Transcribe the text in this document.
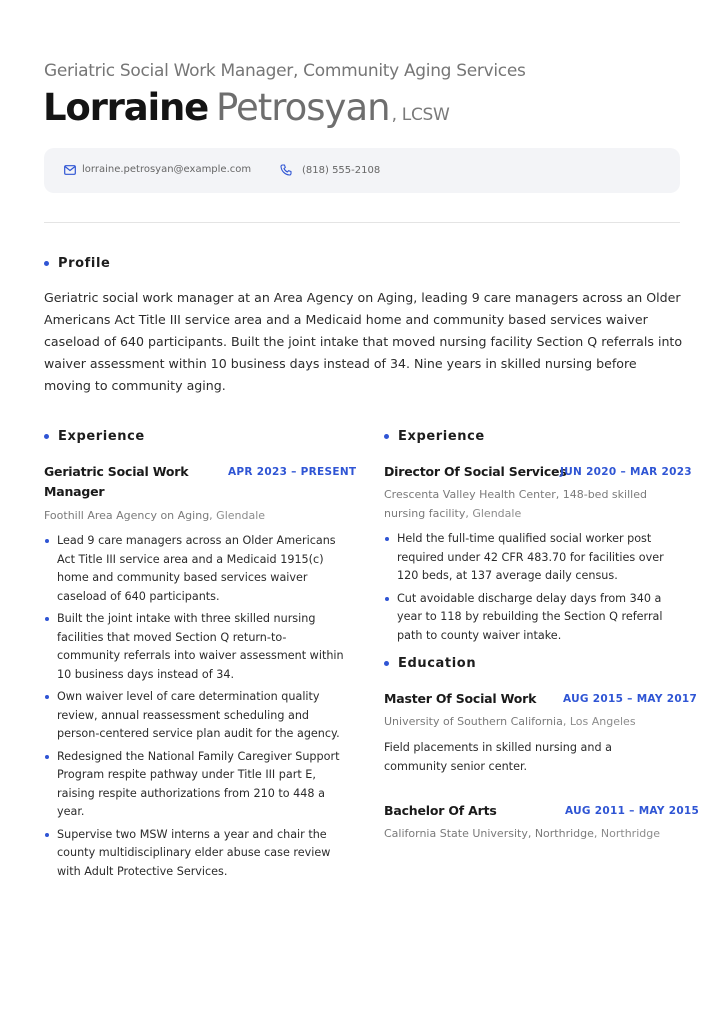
Geriatric Social Work Manager, Community Aging Services
Lorraine Petrosyan , LCSW
lorraine.petrosyan@example.com	(818) 555-2108
Profile
Geriatric social work manager at an Area Agency on Aging, leading 9 care managers across an Older Americans Act Title III service area and a Medicaid home and community based services waiver caseload of 640 participants. Built the joint intake that moved nursing facility Section Q referrals into waiver assessment within 10 business days instead of 34. Nine years in skilled nursing before moving to community aging.
Experience
Geriatric Social Work Manager
APR 2023 – PRESENT
Foothill Area Agency on Aging, Glendale
Lead 9 care managers across an Older Americans Act Title III service area and a Medicaid 1915(c) home and community based services waiver caseload of 640 participants.
Built the joint intake with three skilled nursing facilities that moved Section Q return-to-community referrals into waiver assessment within 10 business days instead of 34.
Own waiver level of care determination quality review, annual reassessment scheduling and person-centered service plan audit for the agency.
Redesigned the National Family Caregiver Support Program respite pathway under Title III part E, raising respite authorizations from 210 to 448 a year.
Supervise two MSW interns a year and chair the county multidisciplinary elder abuse case review with Adult Protective Services.
Experience
Director Of Social Services
JUN 2020 – MAR 2023
Crescenta Valley Health Center, 148-bed skilled nursing facility, Glendale
Held the full-time qualified social worker post required under 42 CFR 483.70 for facilities over 120 beds, at 137 average daily census.
Cut avoidable discharge delay days from 340 a year to 118 by rebuilding the Section Q referral path to county waiver intake.
Education
Master Of Social Work	AUG 2015 – MAY 2017
University of Southern California, Los Angeles
Field placements in skilled nursing and a community senior center.
Bachelor Of Arts	AUG 2011 – MAY 2015
California State University, Northridge, Northridge
